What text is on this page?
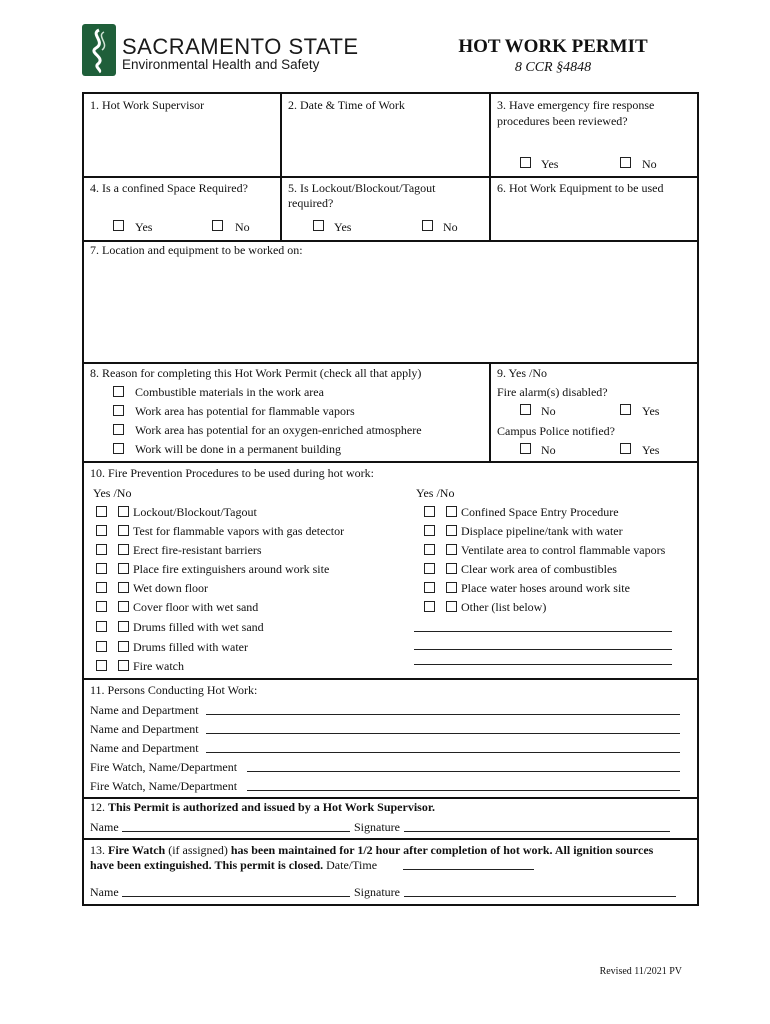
SACRAMENTO STATE
Environmental Health and Safety
HOT WORK PERMIT
8 CCR §4848
1. Hot Work Supervisor	2. Date & Time of Work	3. Have emergency fire response
procedures been reviewed?
Yes	No
4. Is a confined Space Required?
Yes	No
5. Is Lockout/Blockout/Tagout
required?
Yes	No
6. Hot Work Equipment to be used
7. Location and equipment to be worked on:
8. Reason for completing this Hot Work Permit (check all that apply)
Combustible materials in the work area
Work area has potential for flammable vapors
Work area has potential for an oxygen-enriched atmosphere
Work will be done in a permanent building
9. Yes /No
Fire alarm(s) disabled?
No	Yes
Campus Police notified?
No	Yes
10. Fire Prevention Procedures to be used during hot work:
Yes /No	Yes /No
11. Persons Conducting Hot Work:
12. This Permit is authorized and issued by a Hot Work Supervisor.
Name	Signature
13. Fire Watch (if assigned) has been maintained for 1/2 hour after completion of hot work. All ignition sources
have been extinguished. This permit is closed. Date/Time
Name	Signature
Revised 11/2021 PV
Lockout/Blockout/Tagout
Test for flammable vapors with gas detector
Erect fire-resistant barriers
Place fire extinguishers around work site
Wet down floor
Cover floor with wet sand
Drums filled with wet sand
Drums filled with water
Fire watch
Confined Space Entry Procedure
Displace pipeline/tank with water
Ventilate area to control flammable vapors
Clear work area of combustibles
Place water hoses around work site
Other (list below)
Name and Department
Name and Department
Name and Department
Fire Watch, Name/Department
Fire Watch, Name/Department
